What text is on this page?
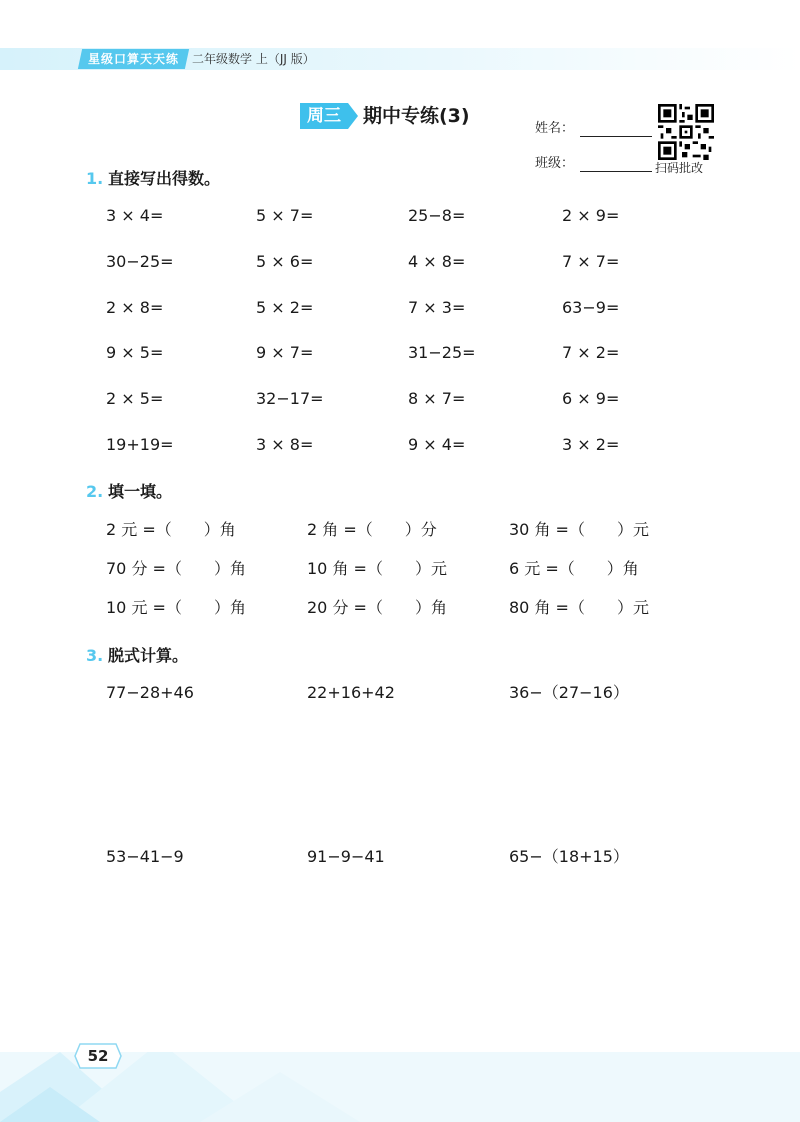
星级口算天天练	二年级数学 上（JJ 版）
周三	期中专练(3)
姓名：
班级：	扫码批改
1. 直接写出得数。
3 × 4=	5 × 7=	25−8=	2 × 9=
30−25=	5 × 6=	4 × 8=	7 × 7=
2 × 8=	5 × 2=	7 × 3=	63−9=
9 × 5=	9 × 7=	31−25=	7 × 2=
2 × 5=	32−17=	8 × 7=	6 × 9=
19+19=	3 × 8=	9 × 4=	3 × 2=
2. 填一填。
2 元 =（　　）角	2 角 =（　　）分	30 角 =（　　）元
70 分 =（　　）角	10 角 =（　　）元	6 元 =（　　）角
10 元 =（　　）角	20 分 =（　　）角	80 角 =（　　）元
3. 脱式计算。
77−28+46	22+16+42	36−（27−16）
53−41−9	91−9−41	65−（18+15）
52
